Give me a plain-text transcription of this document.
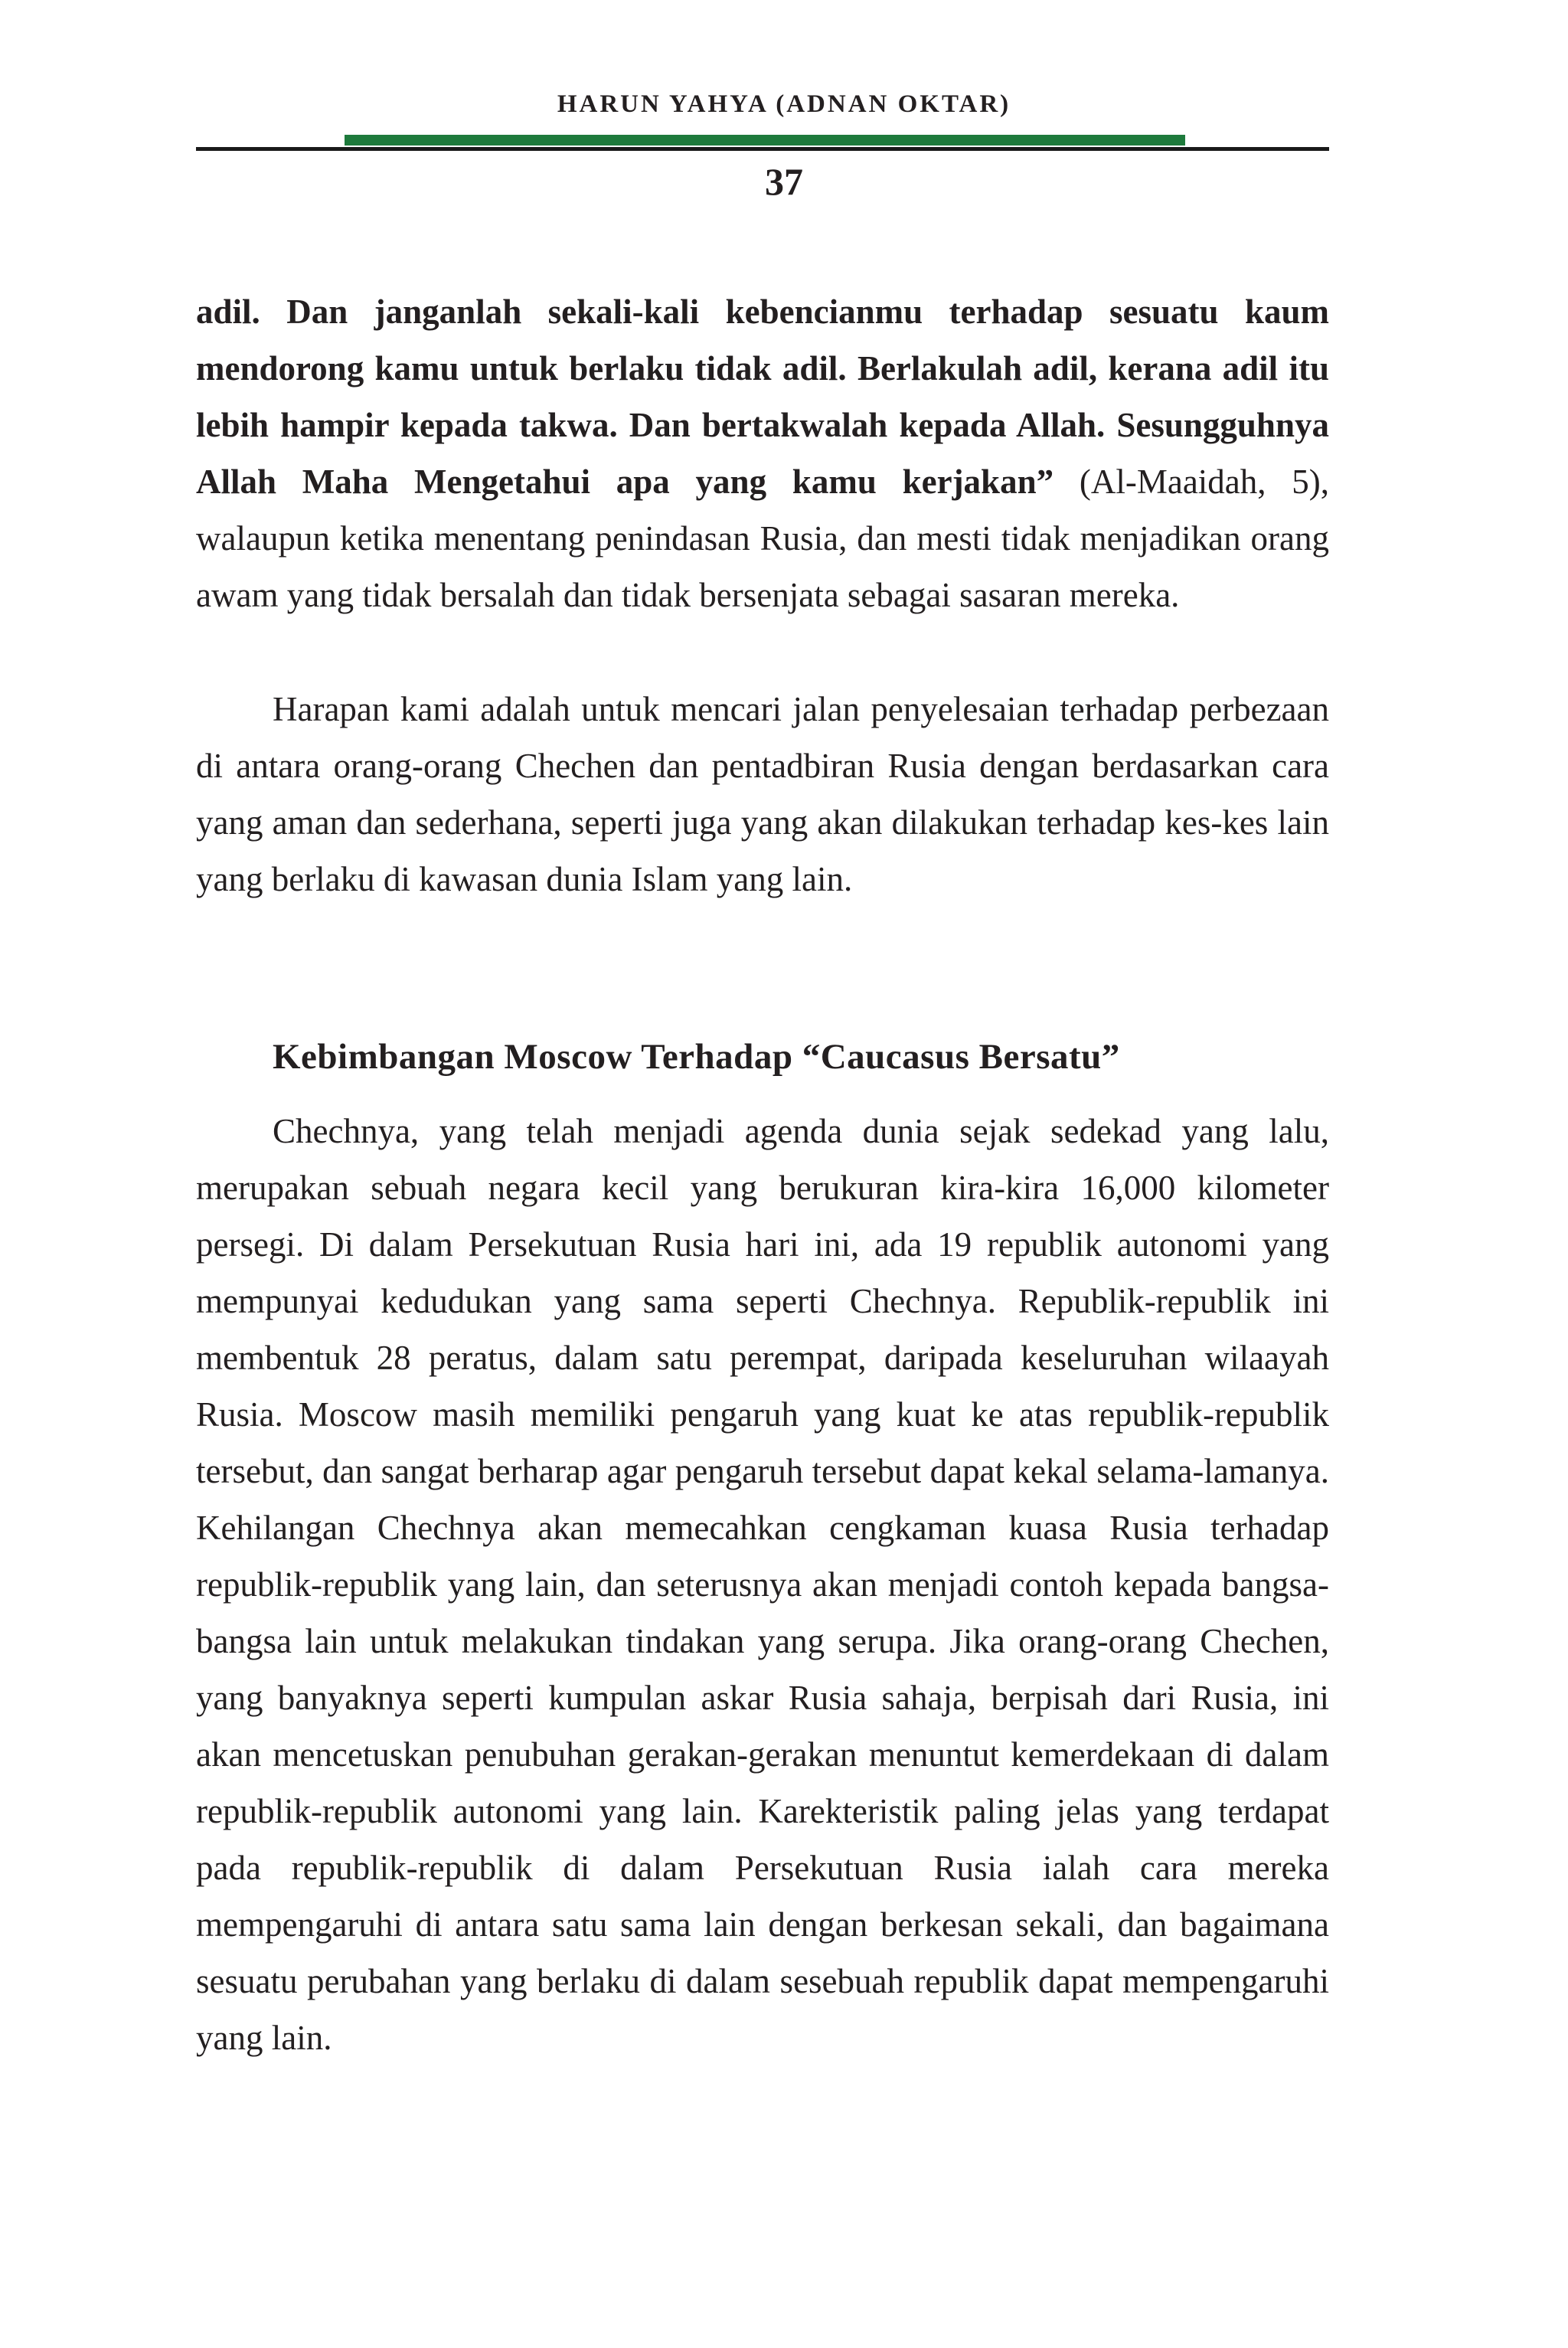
HARUN YAHYA (ADNAN OKTAR)
37

adil. Dan janganlah sekali-kali kebencianmu terhadap sesuatu kaum mendorong kamu untuk berlaku tidak adil. Berlakulah adil, kerana adil itu lebih hampir kepada takwa. Dan bertakwalah kepada Allah. Sesungguhnya Allah Maha Mengetahui apa yang kamu kerjakan” (Al-Maaidah, 5), walaupun ketika menentang penindasan Rusia, dan mesti tidak menjadikan orang awam yang tidak bersalah dan tidak bersenjata sebagai sasaran mereka.

Harapan kami adalah untuk mencari jalan penyelesaian terhadap perbezaan di antara orang-orang Chechen dan pentadbiran Rusia dengan berdasarkan cara yang aman dan sederhana, seperti juga yang akan dilakukan terhadap kes-kes lain yang berlaku di kawasan dunia Islam yang lain.

Kebimbangan Moscow Terhadap “Caucasus Bersatu”

Chechnya, yang telah menjadi agenda dunia sejak sedekad yang lalu, merupakan sebuah negara kecil yang berukuran kira-kira 16,000 kilometer persegi. Di dalam Persekutuan Rusia hari ini, ada 19 republik autonomi yang mempunyai kedudukan yang sama seperti Chechnya. Republik-republik ini membentuk 28 peratus, dalam satu perempat, daripada keseluruhan wilaayah Rusia. Moscow masih memiliki pengaruh yang kuat ke atas republik-republik tersebut, dan sangat berharap agar pengaruh tersebut dapat kekal selama-lamanya. Kehilangan Chechnya akan memecahkan cengkaman kuasa Rusia terhadap republik-republik yang lain, dan seterusnya akan menjadi contoh kepada bangsa-bangsa lain untuk melakukan tindakan yang serupa. Jika orang-orang Chechen, yang banyaknya seperti kumpulan askar Rusia sahaja, berpisah dari Rusia, ini akan mencetuskan penubuhan gerakan-gerakan menuntut kemerdekaan di dalam republik-republik autonomi yang lain. Karekteristik paling jelas yang terdapat pada republik-republik di dalam Persekutuan Rusia ialah cara mereka mempengaruhi di antara satu sama lain dengan berkesan sekali, dan bagaimana sesuatu perubahan yang berlaku di dalam sesebuah republik dapat mempengaruhi yang lain.
